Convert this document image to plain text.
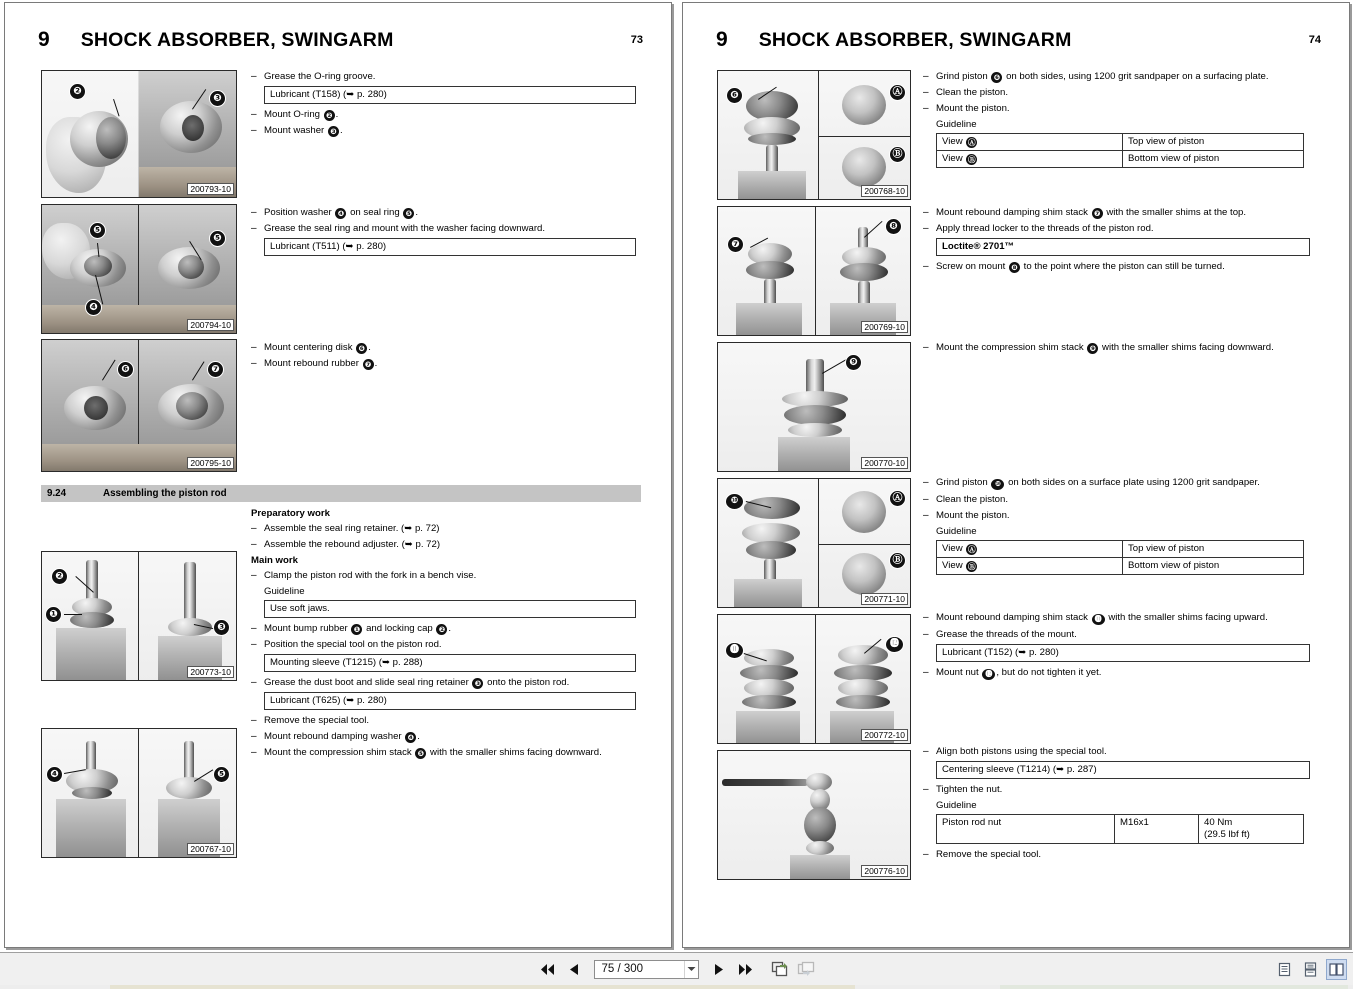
9 SHOCK ABSORBER, SWINGARM	73
❷
❸
200793-10
❺
❹
❺
200794-10
❻	❼
200795-10
– Grease the O-ring groove.
Lubricant (T158) (➥ p. 280)
– Mount O-ring ❷ .
– Mount washer ❸ .
– Position washer ❹ on seal ring ❺ .
– Grease the seal ring and mount with the washer facing downward.
Lubricant (T511) (➥ p. 280)
– Mount centering disk ❻ .
– Mount rebound rubber ❼ .
9.24	Assembling the piston rod
❷
❶
❸
200773-10
❹	❺
200767-10
Preparatory work
– Assemble the seal ring retainer. (➥ p. 72)
– Assemble the rebound adjuster. (➥ p. 72)
Main work
– Clamp the piston rod with the fork in a bench vise.
Guideline
Use soft jaws.
– Mount bump rubber ❶ and locking cap ❷ .
– Position the special tool on the piston rod.
Mounting sleeve (T1215) (➥ p. 288)
– Grease the dust boot and slide seal ring retainer ❸ onto the piston rod.
Lubricant (T625) (➥ p. 280)
– Remove the special tool.
– Mount rebound damping washer ❹ .
– Mount the compression shim stack ❺ with the smaller shims facing downward.
9 SHOCK ABSORBER, SWINGARM	74
❻	Ⓐ
Ⓑ
200768-10
❼
❽
200769-10
❾
200770-10
❿	Ⓐ
Ⓑ
200771-10
⓫
⓬
200772-10
200776-10
– Grind piston ❻ on both sides, using 1200 grit sandpaper on a surfacing plate.
– Clean the piston.
– Mount the piston.
Guideline
View Ⓐ	Top view of piston
View Ⓑ	Bottom view of piston
– Mount rebound damping shim stack ❼ with the smaller shims at the top.
– Apply thread locker to the threads of the piston rod.
Loctite® 2701™
– Screw on mount ❽ to the point where the piston can still be turned.
– Mount the compression shim stack ❾ with the smaller shims facing downward.
– Grind piston ❿ on both sides on a surface plate using 1200 grit sandpaper.
– Clean the piston.
– Mount the piston.
Guideline
View Ⓐ	Top view of piston
View Ⓑ	Bottom view of piston
– Mount rebound damping shim stack ⓫ with the smaller shims facing upward.
– Grease the threads of the mount.
Lubricant (T152) (➥ p. 280)
– Mount nut ⓬ , but do not tighten it yet.
– Align both pistons using the special tool.
Centering sleeve (T1214) (➥ p. 287)
– Tighten the nut.
Guideline
Piston rod nut	M16x1	40 Nm
(29.5 lbf ft)
– Remove the special tool.
75 / 300
